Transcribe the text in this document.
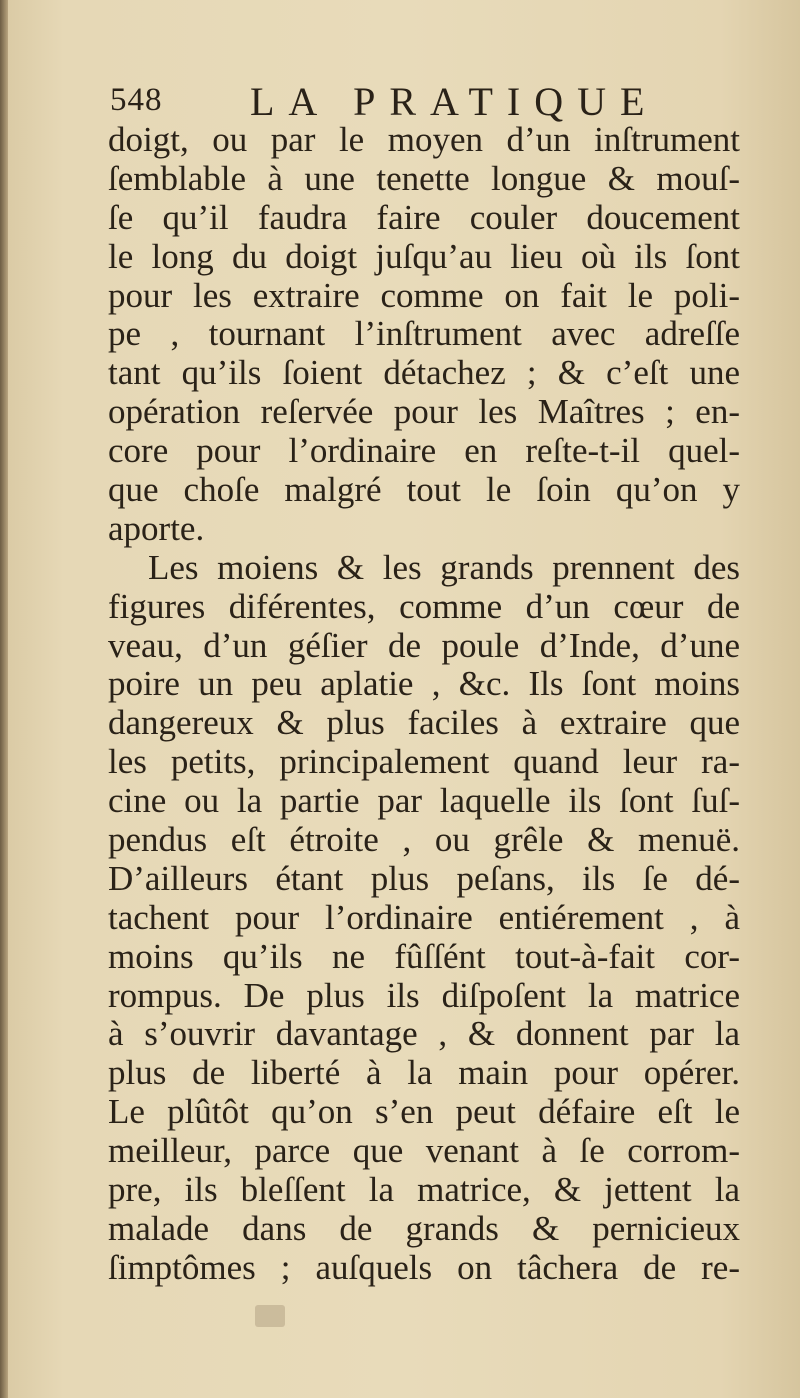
548 LA PRATIQUE
doigt, ou par le moyen d’un inſtrument
ſemblable à une tenette longue & mouſ-
ſe qu’il faudra faire couler doucement
le long du doigt juſqu’au lieu où ils ſont
pour les extraire comme on fait le poli-
pe , tournant l’inſtrument avec adreſſe
tant qu’ils ſoient détachez ; & c’eſt une
opération reſervée pour les Maîtres ; en-
core pour l’ordinaire en reſte-t-il quel-
que choſe malgré tout le ſoin qu’on y
aporte.
Les moiens & les grands prennent des
figures diférentes, comme d’un cœur de
veau, d’un géſier de poule d’Inde, d’une
poire un peu aplatie , &c. Ils ſont moins
dangereux & plus faciles à extraire que
les petits, principalement quand leur ra-
cine ou la partie par laquelle ils ſont ſuſ-
pendus eſt étroite , ou grêle & menuë.
D’ailleurs étant plus peſans, ils ſe dé-
tachent pour l’ordinaire entiérement , à
moins qu’ils ne fûſſént tout-à-fait cor-
rompus. De plus ils diſpoſent la matrice
à s’ouvrir davantage , & donnent par la
plus de liberté à la main pour opérer.
Le plûtôt qu’on s’en peut défaire eſt le
meilleur, parce que venant à ſe corrom-
pre, ils bleſſent la matrice, & jettent la
malade dans de grands & pernicieux
ſimptômes ; auſquels on tâchera de re-
